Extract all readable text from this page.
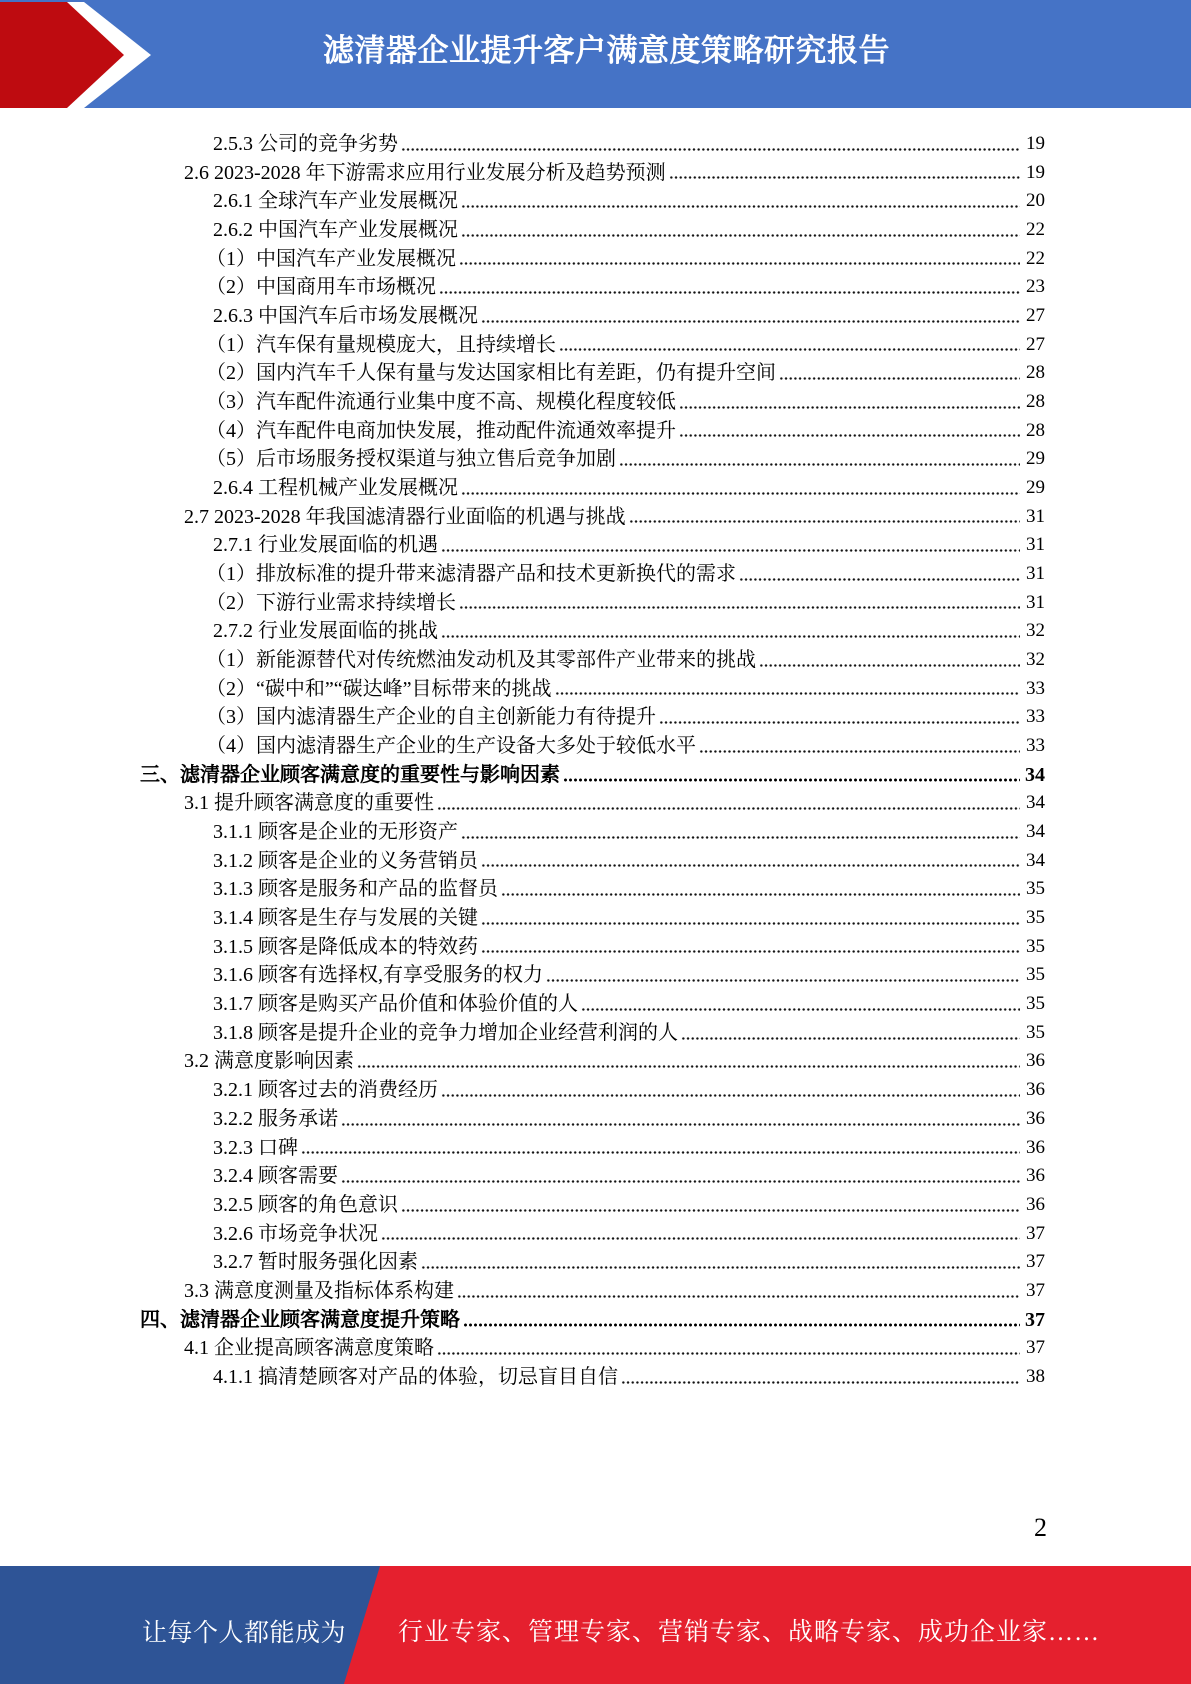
滤清器企业提升客户满意度策略研究报告
2.5.3 公司的竞争劣势	19
2.6 2023-2028 年下游需求应用行业发展分析及趋势预测	19
2.6.1 全球汽车产业发展概况	20
2.6.2 中国汽车产业发展概况	22
（1）中国汽车产业发展概况	22
（2）中国商用车市场概况	23
2.6.3 中国汽车后市场发展概况	27
（1）汽车保有量规模庞大，且持续增长	27
（2）国内汽车千人保有量与发达国家相比有差距，仍有提升空间	28
（3）汽车配件流通行业集中度不高、规模化程度较低	28
（4）汽车配件电商加快发展，推动配件流通效率提升	28
（5）后市场服务授权渠道与独立售后竞争加剧	29
2.6.4 工程机械产业发展概况	29
2.7 2023-2028 年我国滤清器行业面临的机遇与挑战	31
2.7.1 行业发展面临的机遇	31
（1）排放标准的提升带来滤清器产品和技术更新换代的需求	31
（2）下游行业需求持续增长	31
2.7.2 行业发展面临的挑战	32
（1）新能源替代对传统燃油发动机及其零部件产业带来的挑战	32
（2）“碳中和”“碳达峰”目标带来的挑战	33
（3）国内滤清器生产企业的自主创新能力有待提升	33
（4）国内滤清器生产企业的生产设备大多处于较低水平	33
三、滤清器企业顾客满意度的重要性与影响因素	34
3.1 提升顾客满意度的重要性	34
3.1.1 顾客是企业的无形资产	34
3.1.2 顾客是企业的义务营销员	34
3.1.3 顾客是服务和产品的监督员	35
3.1.4 顾客是生存与发展的关键	35
3.1.5 顾客是降低成本的特效药	35
3.1.6 顾客有选择权,有享受服务的权力	35
3.1.7 顾客是购买产品价值和体验价值的人	35
3.1.8 顾客是提升企业的竞争力增加企业经营利润的人	35
3.2 满意度影响因素	36
3.2.1 顾客过去的消费经历	36
3.2.2 服务承诺	36
3.2.3 口碑	36
3.2.4 顾客需要	36
3.2.5 顾客的角色意识	36
3.2.6 市场竞争状况	37
3.2.7 暂时服务强化因素	37
3.3 满意度测量及指标体系构建	37
四、滤清器企业顾客满意度提升策略	37
4.1 企业提高顾客满意度策略	37
4.1.1 搞清楚顾客对产品的体验，切忌盲目自信	38
2
让每个人都能成为 行业专家、管理专家、营销专家、战略专家、成功企业家……
